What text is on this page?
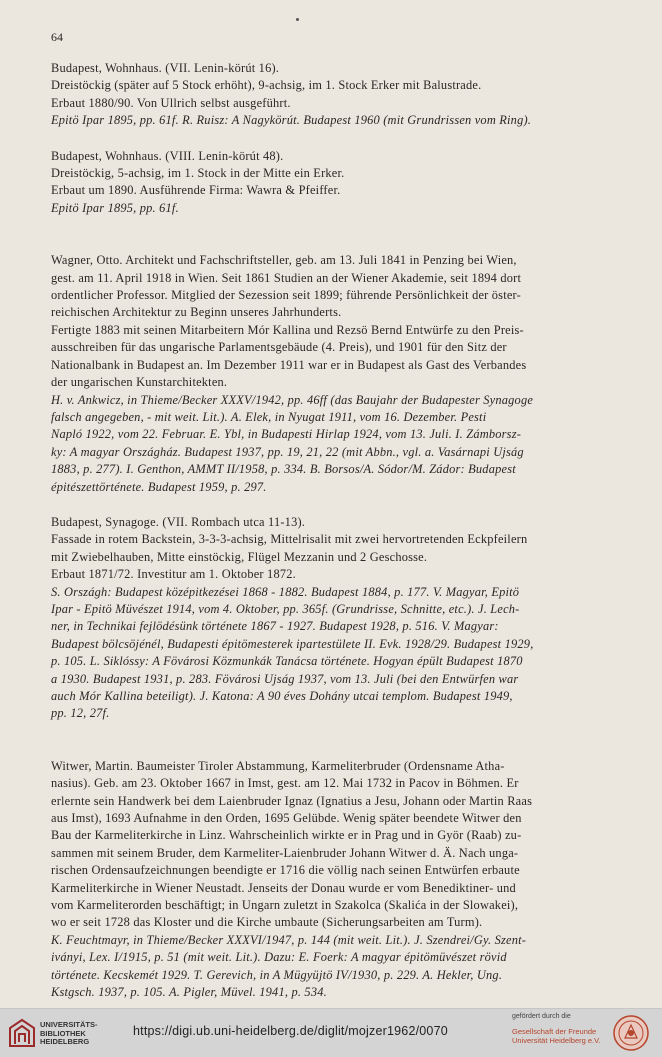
64
Budapest, Wohnhaus. (VII. Lenin-körút 16).
Dreistöckig (später auf 5 Stock erhöht), 9-achsig, im 1. Stock Erker mit Balustrade.
Erbaut 1880/90. Von Ullrich selbst ausgeführt.
Epitö Ipar 1895, pp. 61f. R. Ruisz: A Nagykörút. Budapest 1960 (mit Grundrissen vom Ring).
Budapest, Wohnhaus. (VIII. Lenin-körút 48).
Dreistöckig, 5-achsig, im 1. Stock in der Mitte ein Erker.
Erbaut um 1890. Ausführende Firma: Wawra & Pfeiffer.
Epitö Ipar 1895, pp. 61f.
Wagner, Otto. Architekt und Fachschriftsteller, geb. am 13. Juli 1841 in Penzing bei Wien,
gest. am 11. April 1918 in Wien. Seit 1861 Studien an der Wiener Akademie, seit 1894 dort
ordentlicher Professor. Mitglied der Sezession seit 1899; führende Persönlichkeit der öster-
reichischen Architektur zu Beginn unseres Jahrhunderts.
Fertigte 1883 mit seinen Mitarbeitern Mór Kallina und Rezsö Bernd Entwürfe zu den Preis-
ausschreiben für das ungarische Parlamentsgebäude (4. Preis), und 1901 für den Sitz der
Nationalbank in Budapest an. Im Dezember 1911 war er in Budapest als Gast des Verbandes
der ungarischen Kunstarchitekten.
H. v. Ankwicz, in Thieme/Becker XXXV/1942, pp. 46ff (das Baujahr der Budapester Synagoge
falsch angegeben, - mit weit. Lit.). A. Elek, in Nyugat 1911, vom 16. Dezember. Pesti
Napló 1922, vom 22. Februar. E. Ybl, in Budapesti Hirlap 1924, vom 13. Juli. I. Zámborsz-
ky: A magyar Országház. Budapest 1937, pp. 19, 21, 22 (mit Abbn., vgl. a. Vasárnapi Ujság
1883, p. 277). I. Genthon, AMMT II/1958, p. 334. B. Borsos/A. Sódor/M. Zádor: Budapest
épitészettörténete. Budapest 1959, p. 297.
Budapest, Synagoge. (VII. Rombach utca 11-13).
Fassade in rotem Backstein, 3-3-3-achsig, Mittelrisalit mit zwei hervortretenden Eckpfeilern
mit Zwiebelhauben, Mitte einstöckig, Flügel Mezzanin und 2 Geschosse.
Erbaut 1871/72. Investitur am 1. Oktober 1872.
S. Országh: Budapest középitkezései 1868 - 1882. Budapest 1884, p. 177. V. Magyar, Epitö
Ipar - Epitö Müvészet 1914, vom 4. Oktober, pp. 365f. (Grundrisse, Schnitte, etc.). J. Lech-
ner, in Technikai fejlödésünk története 1867 - 1927. Budapest 1928, p. 516. V. Magyar:
Budapest bölcsöjénél, Budapesti épitömesterek ipartestülete II. Evk. 1928/29. Budapest 1929,
p. 105. L. Siklóssy: A Fövárosi Közmunkák Tanácsa története. Hogyan épült Budapest 1870
a 1930. Budapest 1931, p. 283. Fövárosi Ujság 1937, vom 13. Juli (bei den Entwürfen war
auch Mór Kallina beteiligt). J. Katona: A 90 éves Dohány utcai templom. Budapest 1949,
pp. 12, 27f.
Witwer, Martin. Baumeister Tiroler Abstammung, Karmeliterbruder (Ordensname Atha-
nasius). Geb. am 23. Oktober 1667 in Imst, gest. am 12. Mai 1732 in Pacov in Böhmen. Er
erlernte sein Handwerk bei dem Laienbruder Ignaz (Ignatius a Jesu, Johann oder Martin Raas
aus Imst), 1693 Aufnahme in den Orden, 1695 Gelübde. Wenig später beendete Witwer den
Bau der Karmeliterkirche in Linz. Wahrscheinlich wirkte er in Prag und in Györ (Raab) zu-
sammen mit seinem Bruder, dem Karmeliter-Laienbruder Johann Witwer d. Ä. Nach unga-
rischen Ordensaufzeichnungen beendigte er 1716 die völlig nach seinen Entwürfen erbaute
Karmeliterkirche in Wiener Neustadt. Jenseits der Donau wurde er vom Benediktiner- und
vom Karmeliterorden beschäftigt; in Ungarn zuletzt in Szakolca (Skalića in der Slowakei),
wo er seit 1728 das Kloster und die Kirche umbaute (Sicherungsarbeiten am Turm).
K. Feuchtmayr, in Thieme/Becker XXXVI/1947, p. 144 (mit weit. Lit.). J. Szendrei/Gy. Szent-
iványi, Lex. I/1915, p. 51 (mit weit. Lit.). Dazu: E. Foerk: A magyar épitömüvészet rövid
története. Kecskemét 1929. T. Gerevich, in A Mügyüjtö IV/1930, p. 229. A. Hekler, Ung.
Kstgsch. 1937, p. 105. A. Pigler, Müvel. 1941, p. 534.
UNIVERSITÄTS-
BIBLIOTHEK
HEIDELBERG
https://digi.ub.uni-heidelberg.de/diglit/mojzer1962/0070
gefördert durch die
Gesellschaft der Freunde
Universität Heidelberg e.V.
